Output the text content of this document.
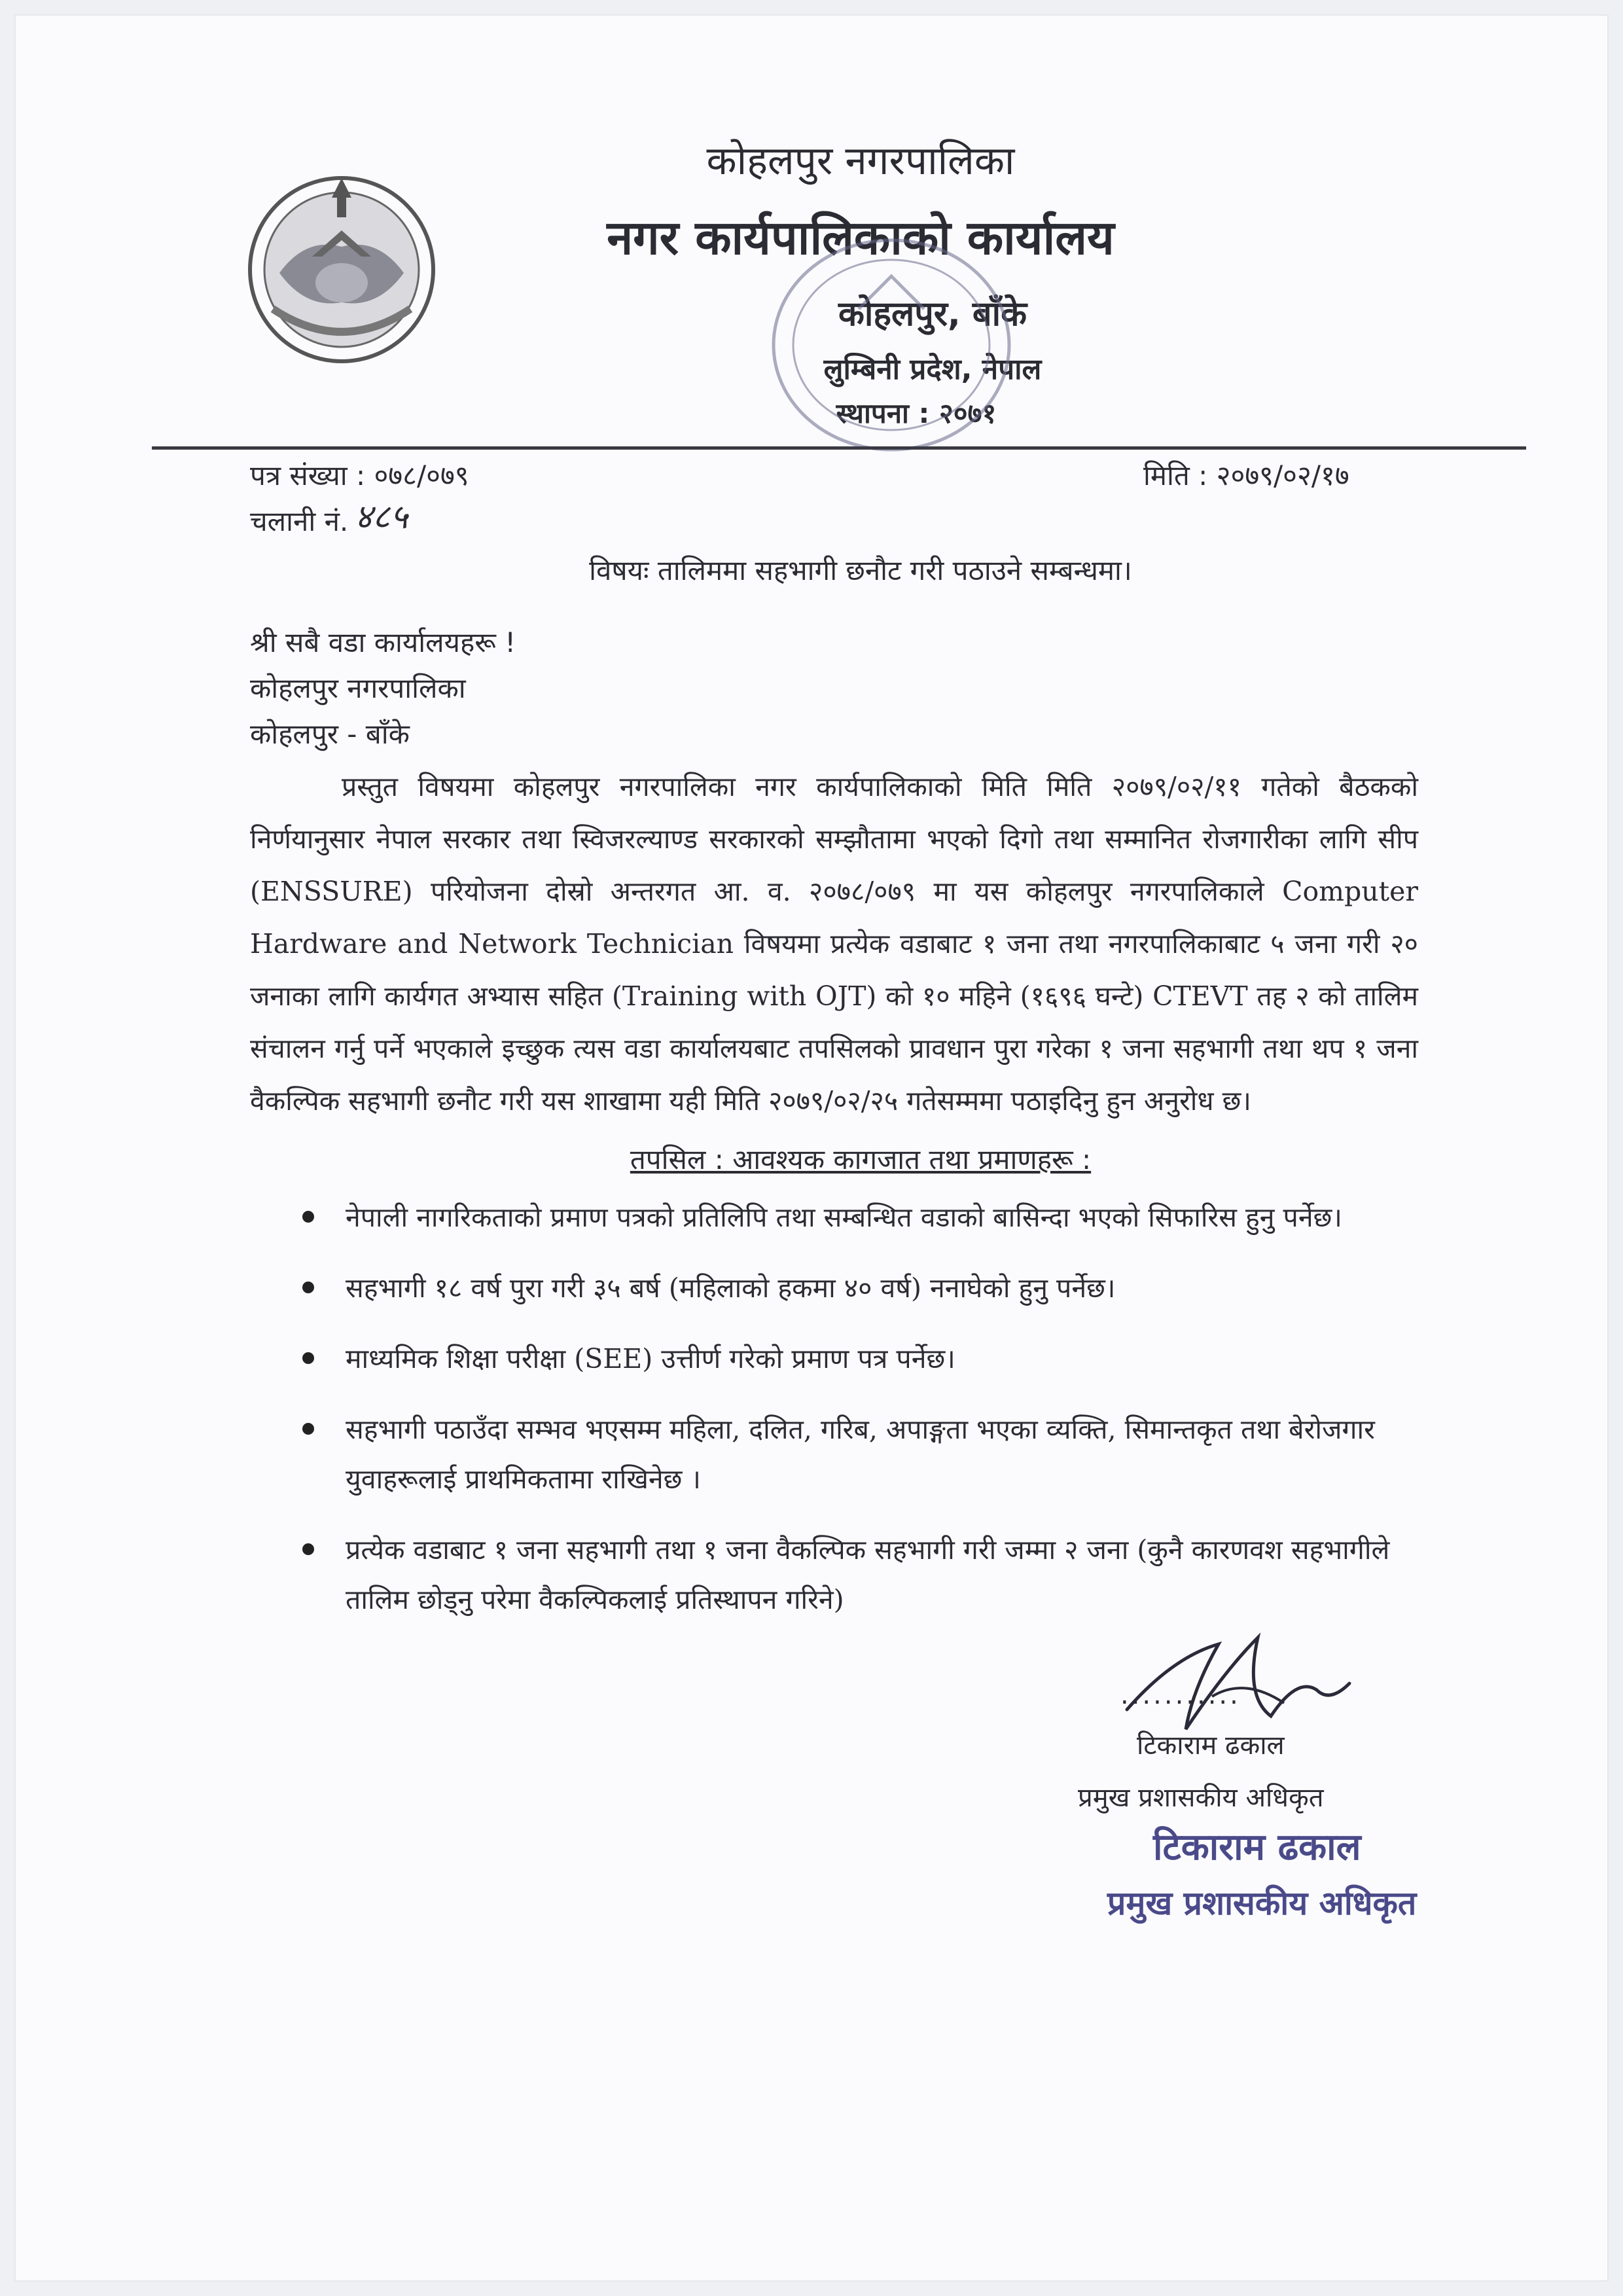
कोहलपुर नगरपालिका
नगर कार्यपालिकाको कार्यालय
कोहलपुर, बाँके
लुम्बिनी प्रदेश, नेपाल
स्थापना : २०७१
पत्र संख्या : ०७८/०७९	मिति : २०७९/०२/१७
चलानी नं. ४८५
विषयः तालिममा सहभागी छनौट गरी पठाउने सम्बन्धमा।
श्री सबै वडा कार्यालयहरू !
कोहलपुर नगरपालिका
कोहलपुर - बाँके
प्रस्तुत विषयमा कोहलपुर नगरपालिका नगर कार्यपालिकाको मिति मिति २०७९/०२/११ गतेको बैठकको निर्णयानुसार नेपाल सरकार तथा स्विजरल्याण्ड सरकारको सम्झौतामा भएको दिगो तथा सम्मानित रोजगारीका लागि सीप (ENSSURE) परियोजना दोस्रो अन्तरगत आ. व. २०७८/०७९ मा यस कोहलपुर नगरपालिकाले Computer Hardware and Network Technician विषयमा प्रत्येक वडाबाट १ जना तथा नगरपालिकाबाट ५ जना गरी २० जनाका लागि कार्यगत अभ्यास सहित (Training with OJT) को १० महिने (१६९६ घन्टे) CTEVT तह २ को तालिम संचालन गर्नु पर्ने भएकाले इच्छुक त्यस वडा कार्यालयबाट तपसिलको प्रावधान पुरा गरेका १ जना सहभागी तथा थप १ जना वैकल्पिक सहभागी छनौट गरी यस शाखामा यही मिति २०७९/०२/२५ गतेसम्ममा पठाइदिनु हुन अनुरोध छ।
तपसिल : आवश्यक कागजात तथा प्रमाणहरू :
नेपाली नागरिकताको प्रमाण पत्रको प्रतिलिपि तथा सम्बन्धित वडाको बासिन्दा भएको सिफारिस हुनु पर्नेछ।
सहभागी १८ वर्ष पुरा गरी ३५ बर्ष (महिलाको हकमा ४० वर्ष) ननाघेको हुनु पर्नेछ।
माध्यमिक शिक्षा परीक्षा (SEE) उत्तीर्ण गरेको प्रमाण पत्र पर्नेछ।
सहभागी पठाउँदा सम्भव भएसम्म महिला, दलित, गरिब, अपाङ्गता भएका व्यक्ति, सिमान्तकृत तथा बेरोजगार युवाहरूलाई प्राथमिकतामा राखिनेछ ।
प्रत्येक वडाबाट १ जना सहभागी तथा १ जना वैकल्पिक सहभागी गरी जम्मा २ जना (कुनै कारणवश सहभागीले तालिम छोड्नु परेमा वैकल्पिकलाई प्रतिस्थापन गरिने)
...........
टिकाराम ढकाल
प्रमुख प्रशासकीय अधिकृत
टिकाराम ढकाल
प्रमुख प्रशासकीय अधिकृत
